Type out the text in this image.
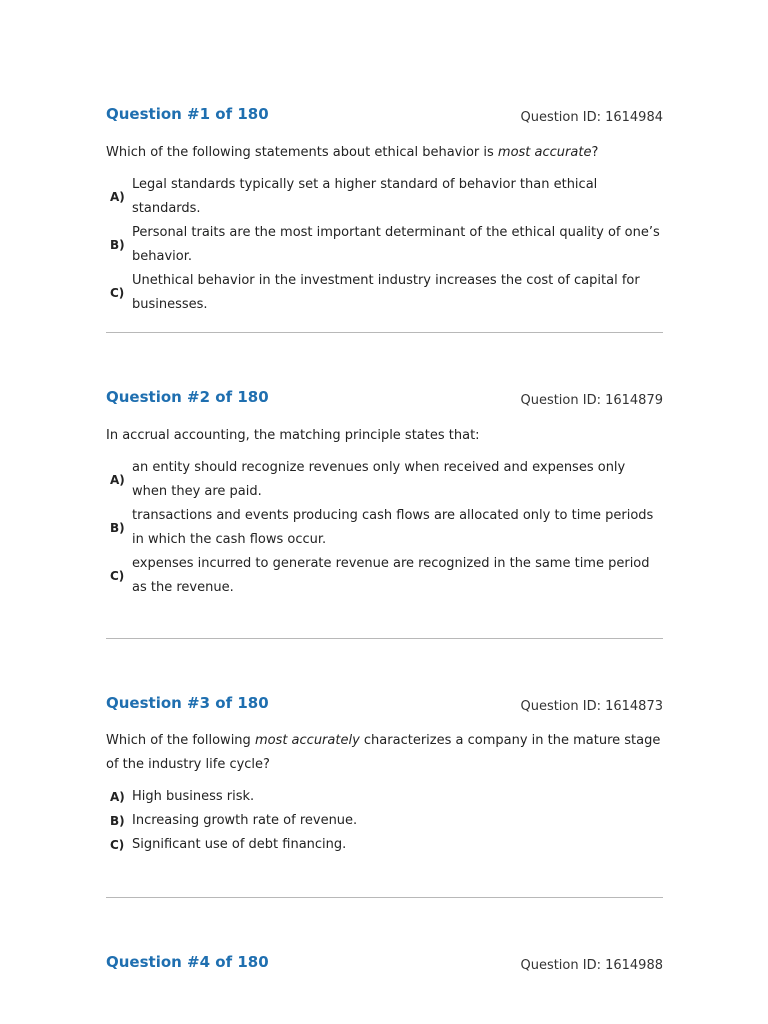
Question #1 of 180	Question ID: 1614984
Which of the following statements about ethical behavior is most accurate?
A)
Legal standards typically set a higher standard of behavior than ethical standards.
B)
Personal traits are the most important determinant of the ethical quality of one’s behavior.
C)
Unethical behavior in the investment industry increases the cost of capital for businesses.
Question #2 of 180	Question ID: 1614879
In accrual accounting, the matching principle states that:
A)
an entity should recognize revenues only when received and expenses only when they are paid.
B)
transactions and events producing cash flows are allocated only to time periods in which the cash flows occur.
C)
expenses incurred to generate revenue are recognized in the same time period as the revenue.
Question #3 of 180	Question ID: 1614873
Which of the following most accurately characterizes a company in the mature stage of the industry life cycle?
A) High business risk.
B) Increasing growth rate of revenue.
C) Significant use of debt financing.
Question #4 of 180	Question ID: 1614988
